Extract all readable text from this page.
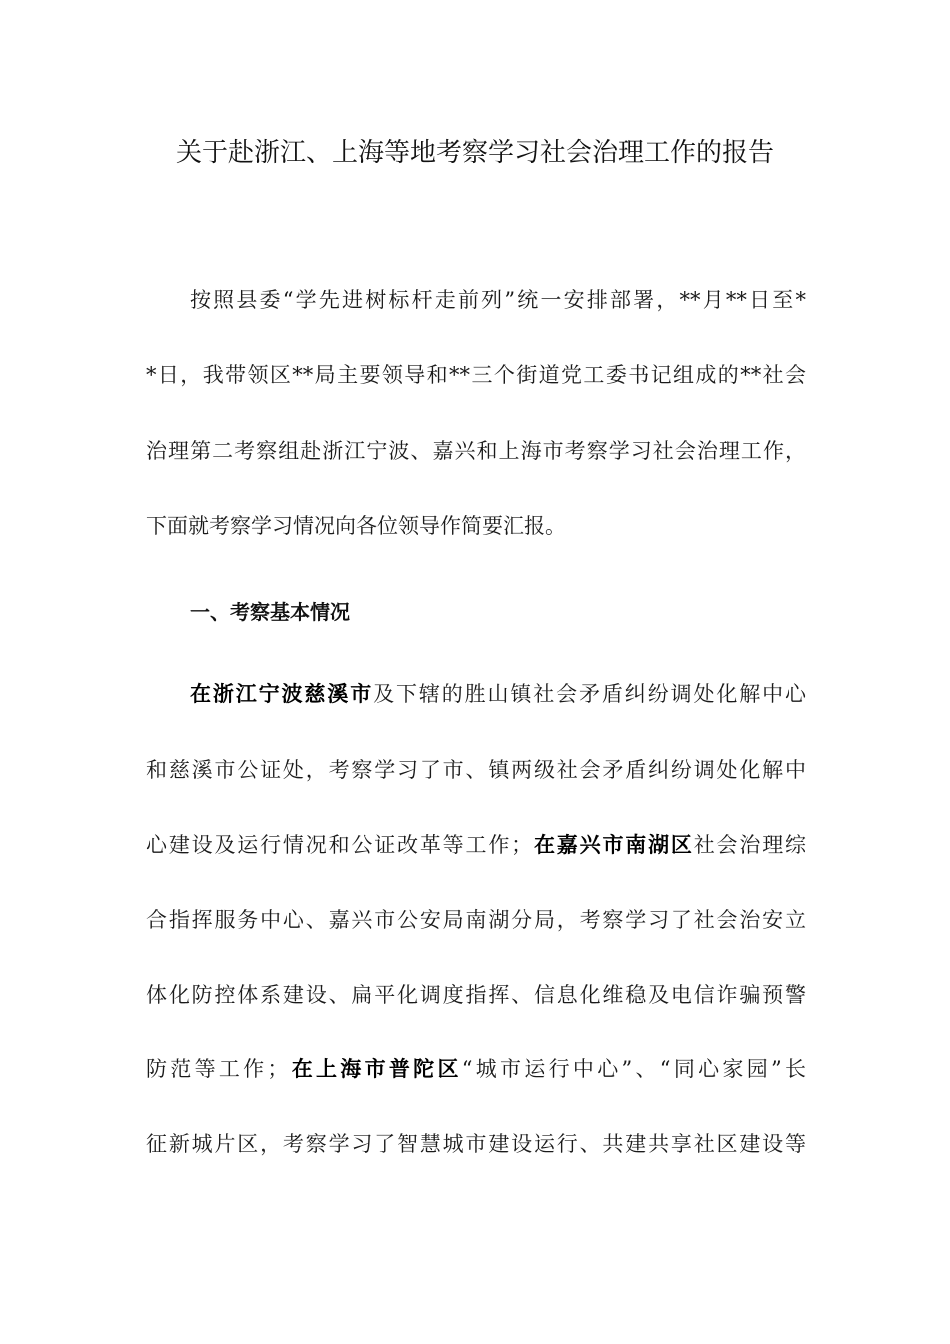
关于赴浙江、上海等地考察学习社会治理工作的报告
按照县委“学先进树标杆走前列”统一安排部署，**月**日至*
*日，我带领区**局主要领导和**三个街道党工委书记组成的**社会
治理第二考察组赴浙江宁波、嘉兴和上海市考察学习社会治理工作，
下面就考察学习情况向各位领导作简要汇报。
一、考察基本情况
在浙江宁波慈溪市及下辖的胜山镇社会矛盾纠纷调处化解中心
和慈溪市公证处，考察学习了市、镇两级社会矛盾纠纷调处化解中
心建设及运行情况和公证改革等工作；在嘉兴市南湖区社会治理综
合指挥服务中心、嘉兴市公安局南湖分局，考察学习了社会治安立
体化防控体系建设、扁平化调度指挥、信息化维稳及电信诈骗预警
防范等工作；在上海市普陀区“城市运行中心”、“同心家园”长
征新城片区，考察学习了智慧城市建设运行、共建共享社区建设等
